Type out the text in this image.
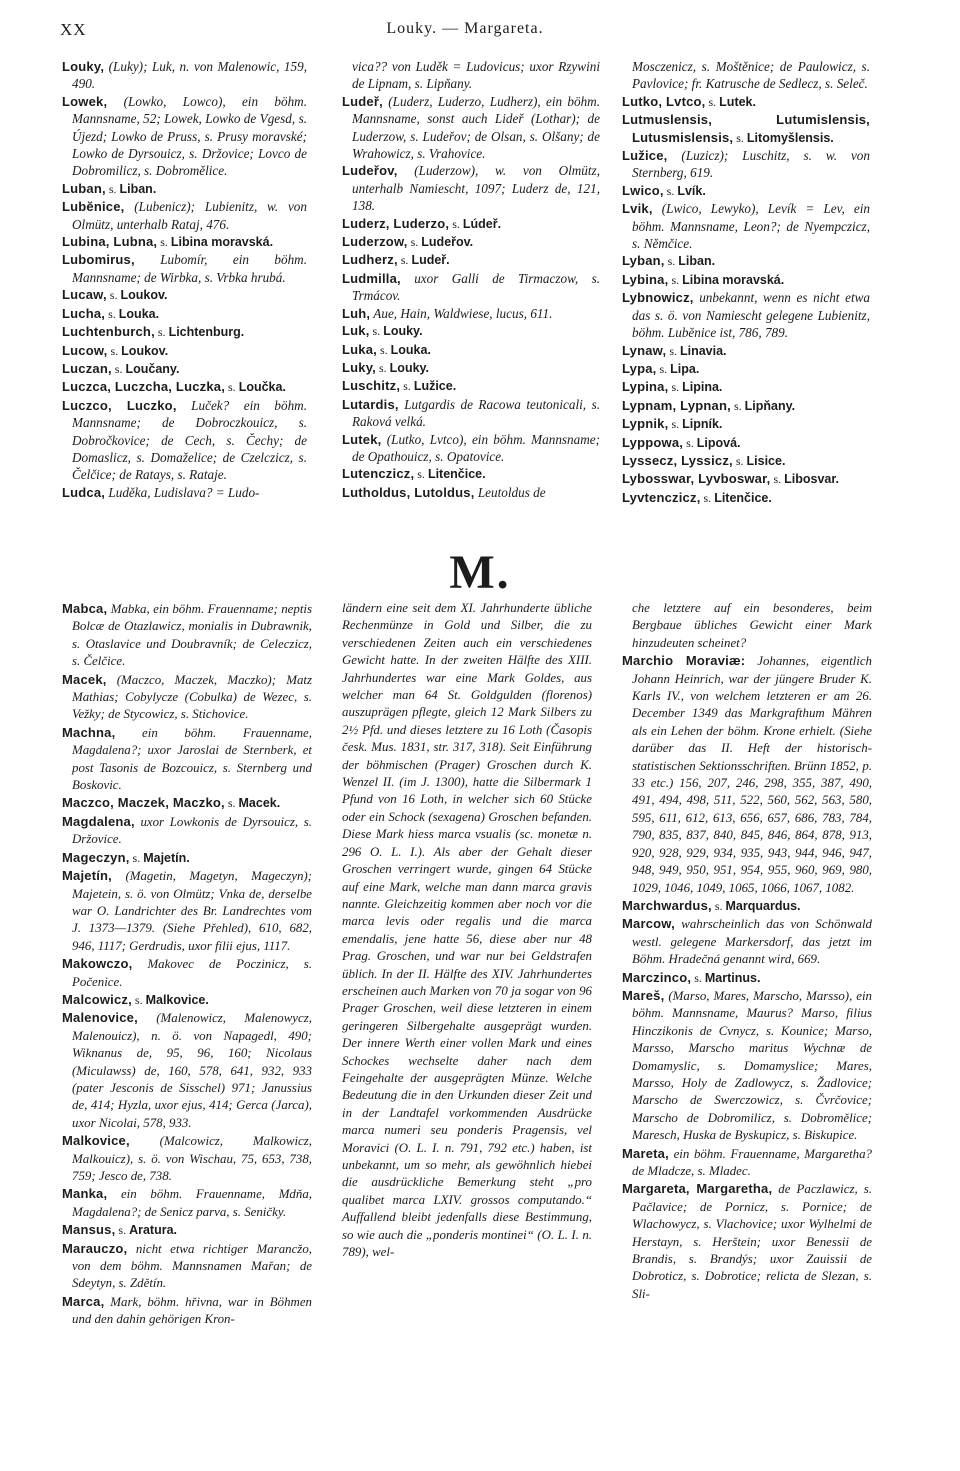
XX	Louky. — Margareta.

Louky, (Luky); Luk, n. von Malenowic, 159, 490.

Lowek, (Lowko, Lowco), ein böhm. Mannsname, 52; Lowek, Lowko de Vgesd, s. Újezd; Lowko de Pruss, s. Prusy moravské; Lowko de Dyrsouicz, s. Držovice; Lovco de Dobromilicz, s. Dobromělice.

Luban, s. Liban.

Lubĕnice, (Lubenicz); Lubienitz, w. von Olmütz, unterhalb Rataj, 476.

Lubina, Lubna, s. Libina moravská.

Lubomirus, Lubomír, ein böhm. Mannsname; de Wirbka, s. Vrbka hrubá.

Lucaw, s. Loukov.

Lucha, s. Louka.

Luchtenburch, s. Lichtenburg.

Lucow, s. Loukov.

Luczan, s. Loučany.

Luczca, Luczcha, Luczka, s. Loučka.

Luczco, Luczko, Luček? ein böhm. Mannsname; de Dobroczkouicz, s. Dobročkovice; de Cech, s. Čechy; de Domaslicz, s. Domaželice; de Czelczicz, s. Čelčice; de Ratays, s. Rataje.

Ludca, Luděka, Ludislava? = Ludo-

vica?? von Luděk = Ludovicus; uxor Rzywini de Lipnam, s. Lipňany.

Ludeř, (Luderz, Luderzo, Ludherz), ein böhm. Mannsname, sonst auch Lideř (Lothar); de Luderzow, s. Ludeřov; de Olsan, s. Olšany; de Wrahowicz, s. Vrahovice.

Ludeřov, (Luderzow), w. von Olmütz, unterhalb Namiescht, 1097; Luderz de, 121, 138.

Luderz, Luderzo, s. Lúdeř.

Luderzow, s. Ludeřov.

Ludherz, s. Ludeř.

Ludmilla, uxor Galli de Tirmaczow, s. Trmácov.

Luh, Aue, Hain, Waldwiese, lucus, 611.

Luk, s. Louky.

Luka, s. Louka.

Luky, s. Louky.

Luschitz, s. Lužice.

Lutardis, Lutgardis de Racowa teutonicali, s. Raková velká.

Lutek, (Lutko, Lvtco), ein böhm. Mannsname; de Opathouicz, s. Opatovice.

Lutenczicz, s. Litenčice.

Lutholdus, Lutoldus, Leutoldus de

Mosczenicz, s. Moštěnice; de Paulowicz, s. Pavlovice; fr. Katrusche de Sedlecz, s. Seleč.

Lutko, Lvtco, s. Lutek.

Lutmuslensis, Lutumislensis, Lutusmislensis, s. Litomyšlensis.

Lužice, (Luzicz); Luschitz, s. w. von Sternberg, 619.

Lwico, s. Lvík.

Lvik, (Lwico, Lewyko), Levík = Lev, ein böhm. Mannsname, Leon?; de Nyempczicz, s. Němčice.

Lyban, s. Liban.

Lybina, s. Libina moravská.

Lybnowicz, unbekannt, wenn es nicht etwa das s. ö. von Namiescht gelegene Lubienitz, böhm. Lubĕnice ist, 786, 789.

Lynaw, s. Linavia.

Lypa, s. Lipa.

Lypina, s. Lipina.

Lypnam, Lypnan, s. Lipňany.

Lypnik, s. Lipník.

Lyppowa, s. Lipová.

Lyssecz, Lyssicz, s. Lisice.

Lybosswar, Lyvboswar, s. Libosvar.

Lyvtenczicz, s. Litenčice.

M.

Mabca, Mabka, ein böhm. Frauenname; neptis Bolcæ de Otazlawicz, monialis in Dubrawnik, s. Otaslavice und Doubravník; de Celeczicz, s. Čelčice.

Macek, (Maczco, Maczek, Maczko); Matz Mathias; Cobylycze (Cobulka) de Wezec, s. Vežky; de Stycowicz, s. Stichovice.

Machna, ein böhm. Frauenname, Magdalena?; uxor Jaroslai de Sternberk, et post Tasonis de Bozcouicz, s. Sternberg und Boskovic.

Maczco, Maczek, Maczko, s. Macek.

Magdalena, uxor Lowkonis de Dyrsouicz, s. Držovice.

Mageczyn, s. Majetín.

Majetín, (Magetin, Magetyn, Mageczyn); Majetein, s. ö. von Olmütz; Vnka de, derselbe war O. Landrichter des Br. Landrechtes vom J. 1373—1379. (Siehe Přehled), 610, 682, 946, 1117; Gerdrudis, uxor filii ejus, 1117.

Makowczo, Makovec de Poczinicz, s. Počenice.

Malcowicz, s. Malkovice.

Malenovice, (Malenowicz, Malenowycz, Malenouicz), n. ö. von Napagedl, 490; Wiknanus de, 95, 96, 160; Nicolaus (Miculawss) de, 160, 578, 641, 932, 933 (pater Jesconis de Sisschel) 971; Janussius de, 414; Hyzla, uxor ejus, 414; Gerca (Jarca), uxor Nicolai, 578, 933.

Malkovice, (Malcowicz, Malkowicz, Malkouicz), s. ö. von Wischau, 75, 653, 738, 759; Jesco de, 738.

Manka, ein böhm. Frauenname, Mdňa, Magdalena?; de Senicz parva, s. Seničky.

Mansus, s. Aratura.

Marauczo, nicht etwa richtiger Marancžo, von dem böhm. Mannsnamen Mařan; de Sdeytyn, s. Zdětín.

Marca, Mark, böhm. hřivna, war in Böhmen und den dahin gehörigen Kron-

ländern eine seit dem XI. Jahrhunderte übliche Rechenmünze in Gold und Silber, die zu verschiedenen Zeiten auch ein verschiedenes Gewicht hatte. In der zweiten Hälfte des XIII. Jahrhundertes war eine Mark Goldes, aus welcher man 64 St. Goldgulden (florenos) auszuprägen pflegte, gleich 12 Mark Silbers zu 2½ Pfd. und dieses letztere zu 16 Loth (Časopis česk. Mus. 1831, str. 317, 318). Seit Einführung der böhmischen (Prager) Groschen durch K. Wenzel II. (im J. 1300), hatte die Silbermark 1 Pfund von 16 Loth, in welcher sich 60 Stücke oder ein Schock (sexagena) Groschen befanden. Diese Mark hiess marca vsualis (sc. monetæ n. 296 O. L. I.). Als aber der Gehalt dieser Groschen verringert wurde, gingen 64 Stücke auf eine Mark, welche man dann marca gravis nannte. Gleichzeitig kommen aber noch vor die marca levis oder regalis und die marca emendalis, jene hatte 56, diese aber nur 48 Prag. Groschen, und war nur bei Geldstrafen üblich. In der II. Hälfte des XIV. Jahrhundertes erscheinen auch Marken von 70 ja sogar von 96 Prager Groschen, weil diese letzteren in einem geringeren Silbergehalte ausgeprägt wurden. Der innere Werth einer vollen Mark und eines Schockes wechselte daher nach dem Feingehalte der ausgeprägten Münze. Welche Bedeutung die in den Urkunden dieser Zeit und in der Landtafel vorkommenden Ausdrücke marca numeri seu ponderis Pragensis, vel Moravici (O. L. I. n. 791, 792 etc.) haben, ist unbekannt, um so mehr, als gewöhnlich hiebei die ausdrückliche Bemerkung steht „pro qualibet marca LXIV. grossos computando.“ Auffallend bleibt jedenfalls diese Bestimmung, so wie auch die „ponderis montinei“ (O. L. I. n. 789), wel-

che letztere auf ein besonderes, beim Bergbaue übliches Gewicht einer Mark hinzudeuten scheinet?

Marchio Moraviæ: Johannes, eigentlich Johann Heinrich, war der jüngere Bruder K. Karls IV., von welchem letzteren er am 26. December 1349 das Markgrafthum Mähren als ein Lehen der böhm. Krone erhielt. (Siehe darüber das II. Heft der historisch-statistischen Sektionsschriften. Brünn 1852, p. 33 etc.) 156, 207, 246, 298, 355, 387, 490, 491, 494, 498, 511, 522, 560, 562, 563, 580, 595, 611, 612, 613, 656, 657, 686, 783, 784, 790, 835, 837, 840, 845, 846, 864, 878, 913, 920, 928, 929, 934, 935, 943, 944, 946, 947, 948, 949, 950, 951, 954, 955, 960, 969, 980, 1029, 1046, 1049, 1065, 1066, 1067, 1082.

Marchwardus, s. Marquardus.

Marcow, wahrscheinlich das von Schönwald westl. gelegene Markersdorf, das jetzt im Böhm. Hradečná genannt wird, 669.

Marczinco, s. Martinus.

Mareš, (Marso, Mares, Marscho, Marsso), ein böhm. Mannsname, Maurus? Marso, filius Hinczikonis de Cvnycz, s. Kounice; Marso, Marsso, Marscho maritus Wychnæ de Domamyslic, s. Domamyslice; Mares, Marsso, Holy de Zadlowycz, s. Žadlovice; Marscho de Swerczowicz, s. Čvrčovice; Marscho de Dobromilicz, s. Dobromělice; Maresch, Huska de Byskupicz, s. Biskupice.

Mareta, ein böhm. Frauenname, Margaretha? de Mladcze, s. Mladec.

Margareta, Margaretha, de Paczlawicz, s. Pačlavice; de Pornicz, s. Pornice; de Wlachowycz, s. Vlachovice; uxor Wylhelmi de Herstayn, s. Herštein; uxor Benessii de Brandis, s. Brandýs; uxor Zauissii de Dobroticz, s. Dobrotice; relicta de Slezan, s. Sli-
